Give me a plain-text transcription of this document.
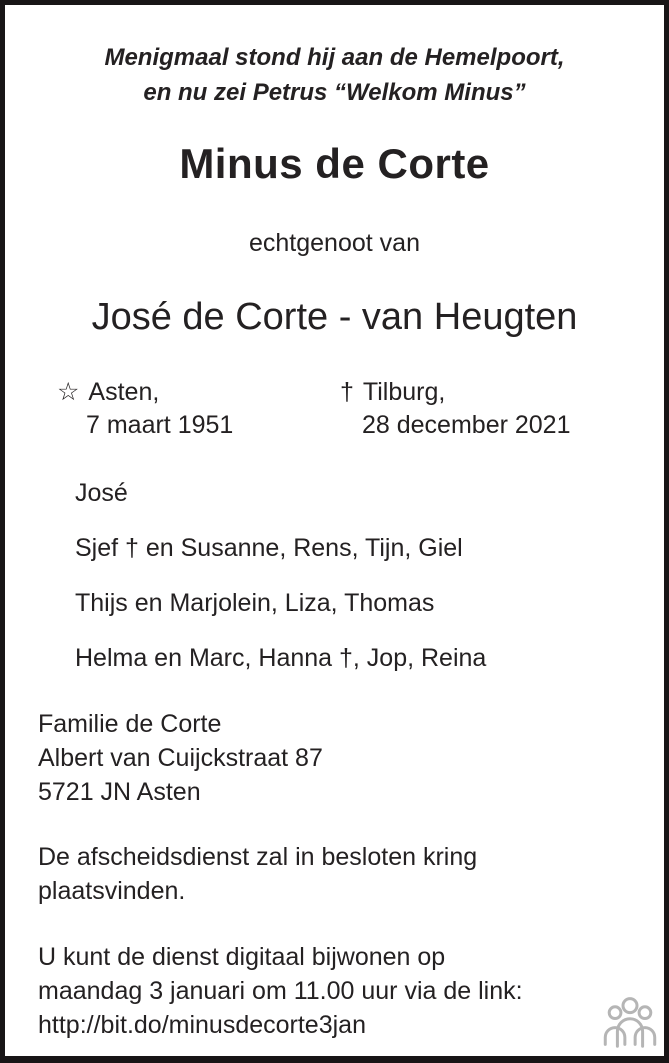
Menigmaal stond hij aan de Hemelpoort,
en nu zei Petrus “Welkom Minus”
Minus de Corte
echtgenoot van
José de Corte - van Heugten
☆ Asten,
7 maart 1951
† Tilburg,
28 december 2021
José
Sjef † en Susanne, Rens, Tijn, Giel
Thijs en Marjolein, Liza, Thomas
Helma en Marc, Hanna †, Jop, Reina
Familie de Corte
Albert van Cuijckstraat 87
5721 JN Asten
De afscheidsdienst zal in besloten kring
plaatsvinden.
U kunt de dienst digitaal bijwonen op
maandag 3 januari om 11.00 uur via de link:
http://bit.do/minusdecorte3jan
